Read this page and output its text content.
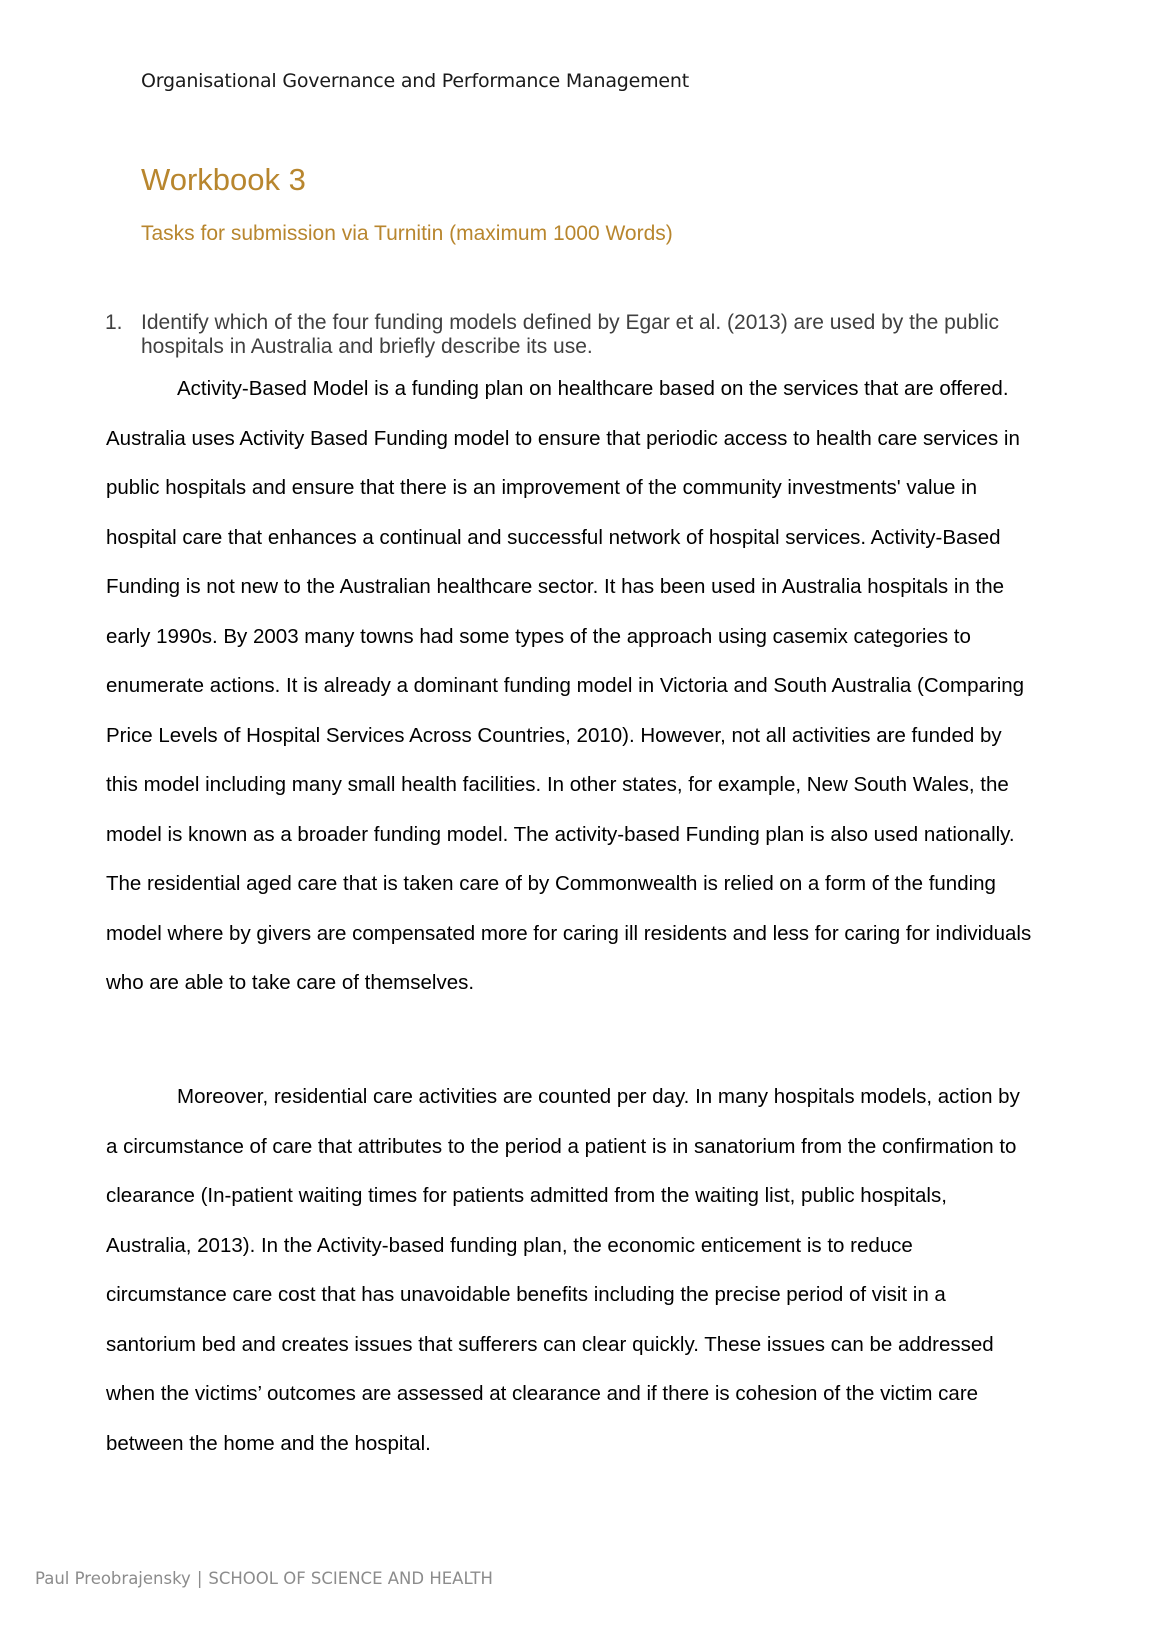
Organisational Governance and Performance Management
Workbook 3
Tasks for submission via Turnitin (maximum 1000 Words)
1. Identify which of the four funding models defined by Egar et al. (2013) are used by the public hospitals in Australia and briefly describe its use.

Activity-Based Model is a funding plan on healthcare based on the services that are offered. Australia uses Activity Based Funding model to ensure that periodic access to health care services in public hospitals and ensure that there is an improvement of the community investments' value in hospital care that enhances a continual and successful network of hospital services. Activity-Based Funding is not new to the Australian healthcare sector. It has been used in Australia hospitals in the early 1990s. By 2003 many towns had some types of the approach using casemix categories to enumerate actions. It is already a dominant funding model in Victoria and South Australia (Comparing Price Levels of Hospital Services Across Countries, 2010). However, not all activities are funded by this model including many small health facilities. In other states, for example, New South Wales, the model is known as a broader funding model. The activity-based Funding plan is also used nationally. The residential aged care that is taken care of by Commonwealth is relied on a form of the funding model where by givers are compensated more for caring ill residents and less for caring for individuals who are able to take care of themselves.

Moreover, residential care activities are counted per day. In many hospitals models, action by a circumstance of care that attributes to the period a patient is in sanatorium from the confirmation to clearance (In-patient waiting times for patients admitted from the waiting list, public hospitals, Australia, 2013). In the Activity-based funding plan, the economic enticement is to reduce circumstance care cost that has unavoidable benefits including the precise period of visit in a santorium bed and creates issues that sufferers can clear quickly. These issues can be addressed when the victims’ outcomes are assessed at clearance and if there is cohesion of the victim care between the home and the hospital.

Paul Preobrajensky | SCHOOL OF SCIENCE AND HEALTH
